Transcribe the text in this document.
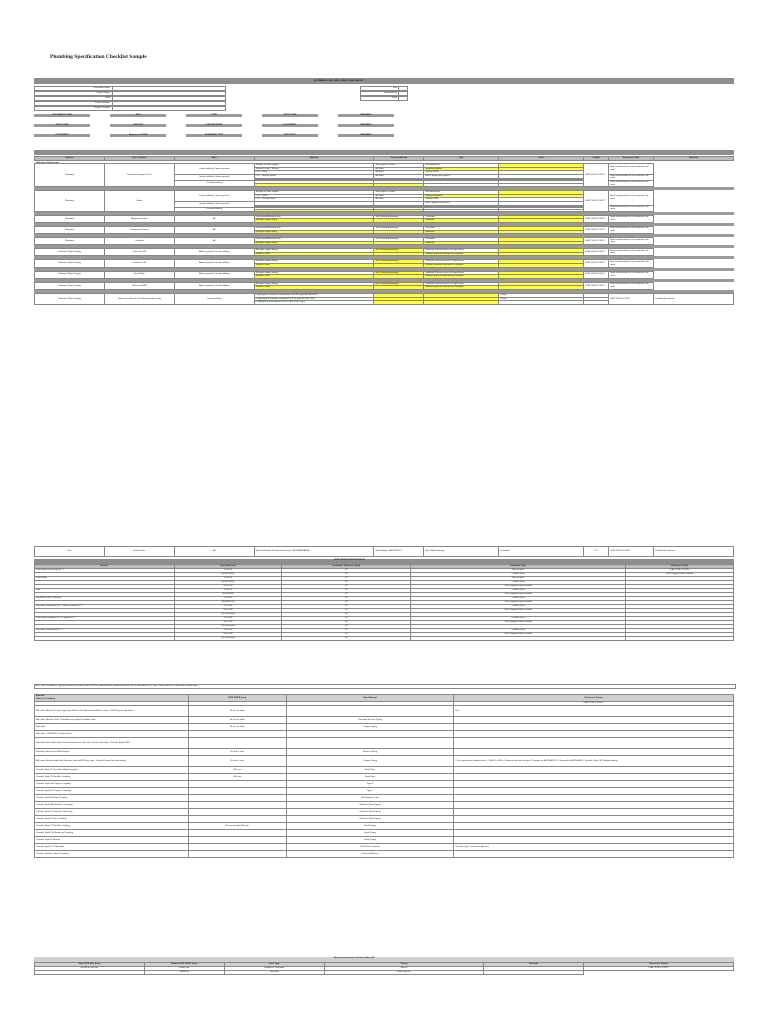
Plumbing Specification Checklist Sample
PLUMBING SPECIFICATION CHECKLIST
Consultant Name
Project Name
Date
Project Number
Project Location
Rev
Submitted By
Date
DOCUMENT CODE	REV	TYPE	TITLE CODE	REMARKS
TITLE CODE	CAD FILE	CAD REGISTER	DOCUMENT	REMARKS
DOCUMENT	Register to CODE	STANDARD TYPE	REV OPTS	REMARKS
Reference Documents
System	Pipe / System	Area	Material	Joining Material	Size	Joints	Length	Reference Code	Remarks
Plumbing	Sanitary Drainage & Vent	Inside building & above ground	Straight or other angled	Same pipe as sewer	No-hub/gasket		ICAP 2018 ICC/UPC	Need confirmation for the material to be used.
			Stainless steel / Solvent	All Sizes	Neoprene/gasket			
			PVC - DWV	All Sizes	Solvent Weld			
		Inside building & below ground	PVC - Gravity Sewer	All Sizes	Bell & Spigot with gasket			Need confirmation for the material to be used.

		Outside building						Need confirmation for the material to be used.

Plumbing	Storm	Inside building & above ground	Straight or other angled	Same pipe as sewer	No-hub/gasket		ICAP 2018 ICC/UPC	Need confirmation for the material to be used.
			PVC - DWV	All Sizes	Neoprene/gasket			
			PVC - Gravity Sewer	All Sizes	Solvent Weld			
		Inside building & below ground			Bell & Spigot with gasket			
								Need confirmation for the material to be used.

		Outside building						

Plumbing	Equipment drains	All	Galvanized/Malleable iron	See Plumbing drawings	Threaded		ICAP 2018 ICC/UPC	Need confirmation for the material to be used.
			Wrought copper fitting		Soldered			
Plumbing	Condensate Drains	All	Galvanized/Malleable iron	See Plumbing drawings	Threaded		ICAP 2018 ICC/UPC	Need confirmation for the material to be used.
			Wrought copper fitting		Soldered			
Plumbing	Overflow	All	Galvanized/Malleable iron	See Plumbing drawings	Threaded		ICAP 2018 ICC/UPC	Need confirmation for the material to be used.
			Wrought copper fitting		Soldered			
Domestic Water Supply	Domestic HW	Above ground & inside building	Wrought copper fittings	See Plumbing drawings	Soldered, Brazed or press fit type fitting		ICAP 2018 ICC/UPC	Need confirmation for the material to be used.
			Stainless steel		Welded, grooved mechanical couplings			
Domestic Water Supply	Domestic CW	Above ground & inside building	Wrought copper fittings	See Plumbing drawings	Soldered, Brazed or press fit type fitting		ICAP 2018 ICC/UPC	Need confirmation for the material to be used.
			Stainless steel		Welded, grooved mechanical couplings			
Domestic Water Supply	Grey Water	Above ground & inside building	Wrought copper fittings	See Plumbing drawings	Soldered, Brazed or press fit type fitting		ICAP 2018 ICC/UPC	Need confirmation for the material to be used.
			Stainless steel		Welded, grooved mechanical couplings			
Domestic Water Supply	Domestic HWR	Above ground & inside building	Wrought copper fittings	See Plumbing drawings	Soldered, Brazed or press fit type fitting		ICAP 2018 ICC/UPC	Need confirmation for the material to be used.
			Stainless steel		Welded, grooved mechanical couplings			
Domestic Water Supply	Domestic cold water for drip-red potters only	Inside building	Polyethylene of Raised Temperature (PE-RT) pipe ASTM F2623			Crimp		ICAP 2018 ICC/UPC	Confirm the material
			Polypropylene Random copolymer (PP-R) pipe ASTM F2389			Crimp			
			Polyethylene Multi-layered (PE-RT/AL/PE-RT) pipe						
Gas	Natural Gas	All	Steel, Schedule 40 Galvanized steel - ASTM A53/A53M	Steel fittings - ASTM B16.3	See Utility drawings	Threaded	0.5	ICAP 2018 ICC/UPC	Confirm the material
INSULATION SPECIFICATION
Service	Pipe Size (mm)	Insulation Thickness (mm)	Insulation Type	Reference Code
Cold water (riser/drop) 50 °C	15 to 40	25	Mineral fibre	ICAP 2018 ICC/UPC
	50-100 (HW+)	25	Cellular Glass	FSK wrapped vapor retarder
Cold Water	15 to 40	25	Mineral fibre	
	50-100 (HW+)	40	Cellular Glass	
	65 to 100	25	FSK wrapped vapor retarder	
Drip	15 to 25	25	Cellular Glass	
	40/50/65/80	25	FSK wrapped vapor retarder	
Hot Water (WH) - Heating	15 to 40	25	Cellular Glass	
	50/65/80/100	40	FSK wrapped vapor retarder	
Hot water (riser/drop) 60 °C Recirc. below 60 °C	15 to 40	25	Cellular Glass	
	50 to 100	40	FSK wrapped vapor retarder	
	125 and above	50		
Cold water (outdoor) 40 °C exposed 8 °C	15 to 40	40	Cellular Glass	
	50 to 100	50	FSK wrapped vapor retarder	
	125 and above	65		
Hot water (riser/drop) 50 °C	15 to 40	25	Cellular Glass	
	50 to 100	40	FSK wrapped vapor retarder	
	125 and above	50		
Note: Pipe insulation for piping located at the plant room shall be coated with an aluminium jacket also to withstand by UV rays. Please find out in Shahryar Kakavi Mian
Material
Valves & Coupling	PIPE SIZES (mm)	Pipe Material	Reference Clause
			ICAP 2018 ICC/UPC
Ball valve (Bronze) 2 piece type with Teflon seals Stainless ball Brass stem - 150 PSI gate and others	50 mm & under		Hot
Ball valve (Bronze) Full, Threaded over gasket chamber ends	50 mm & under	Threaded Ferrous Piping	
Ball valve	50 mm & under	Copper Piping	
Ball valve - VHP/NSF Victaulic Series			
Butterfly valves Both Sides Grooved Neoprene Seat Disc Ductile iron body - Victaulic Style PV60			
Butterfly valve Series 608 Flanged	65 mm & over	Ferrous Piping	
Ball valve Bronze body with Stainless steel ball 150 psi seat - Victaulic Series Hot tool design	65 mm & over	Copper Piping	1. For grooved or welded valves - VDA 10 to 900 - Chemical resistant to pipe 2. Flanges as ASTM A126. 3. Grooved as ASTM A536 - Victaulic Style 761 Flange adapter
Victaulic Style 07 Zero-Flex Rigid Coupling	300 mm	Steel Pipe	
Victaulic Style 75 Flexible Coupling	300 mm	Steel Pipe	
Victaulic Style 606 Copper Coupling		Type K	
Victaulic Style 641 Copper Coupling		Type L	
Victaulic Style 89 Rigid Coupling		304 Stainless Pipe	
Victaulic Style 489 Stainless Coupling		Stainless Steel Piping	
Victaulic Style 47 Dielectric Waterway		Stainless Steel Piping	
Victaulic Style 41 Flex Coupling		Stainless Steel Piping	
Victaulic Style 77 Flexible Coupling	65 mm through 600 mm	Steel Piping	
Victaulic Style 750 Reducing Coupling		Steel Piping	
Victaulic Style 45 Bronze		Steel Piping	
Victaulic Style 177 Plain End		Plain End / Grooved	Victaulic Type 1 (Victaulic System)
Victaulic Stainless Steel Coupling		Grooved Material	
Branch connections off main (take off)
Main PIPE Size (mm)	Branch PIPE SIZES (mm)	Joint Type	Fitting	Remarks	Reference Clause
65 mm to 100 mm	Same size	Welded or Threaded	Tees or		ICAP 2018 ICC/UPC
	Reduced	Grooved	Reducing tee		
